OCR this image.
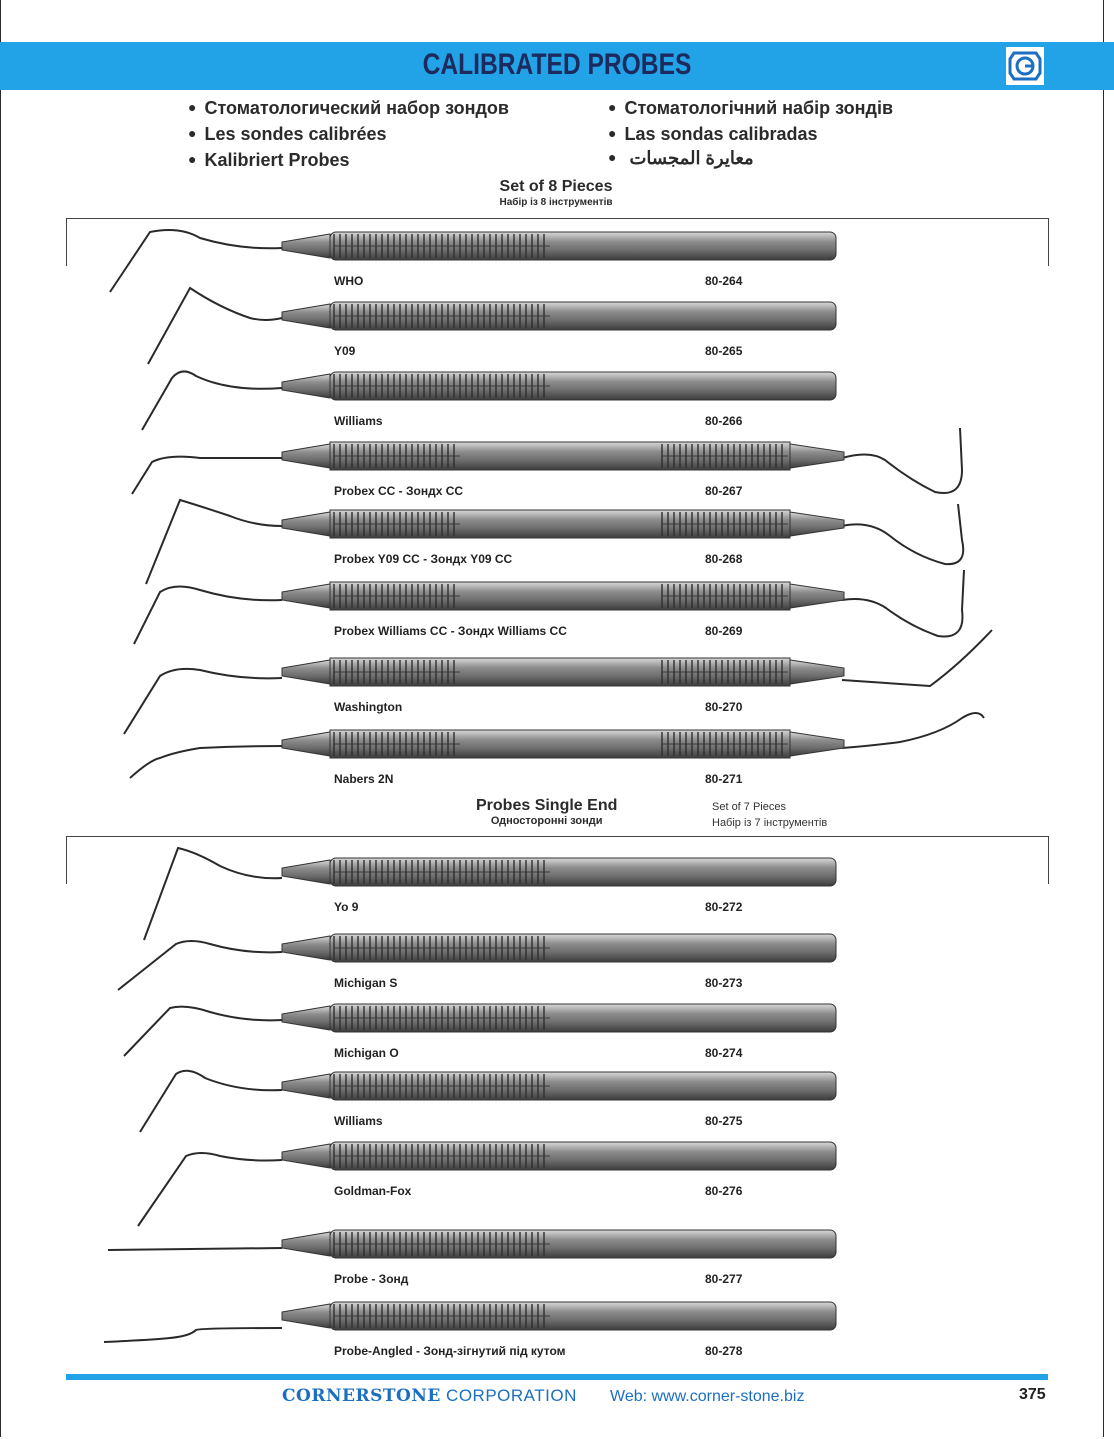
CALIBRATED PROBES
● Стоматологический набор зондов
● Les sondes calibrées
● Kalibriert Probes
● Стоматологічний набір зондів
● Las sondas calibradas
معايرة المجسات ●
Set of 8 Pieces
Набір із 8 інструментів
WHO	80-264
Y09	80-265
Williams	80-266
Probex CC - Зондх CC	80-267
Probex Y09 CC - Зондх Y09 CC	80-268
Probex Williams CC - Зондх Williams CC	80-269
Washington	80-270
Nabers 2N	80-271
Probes Single End
Односторонні зонди
Set of 7 Pieces
Набір із 7 інструментів
Yo 9	80-272
Michigan S	80-273
Michigan O	80-274
Williams	80-275
Goldman-Fox	80-276
Probe - Зонд	80-277
Probe-Angled - Зонд-зігнутий під кутом	80-278
CORNERSTONE CORPORATION Web: www.corner-stone.biz	375
